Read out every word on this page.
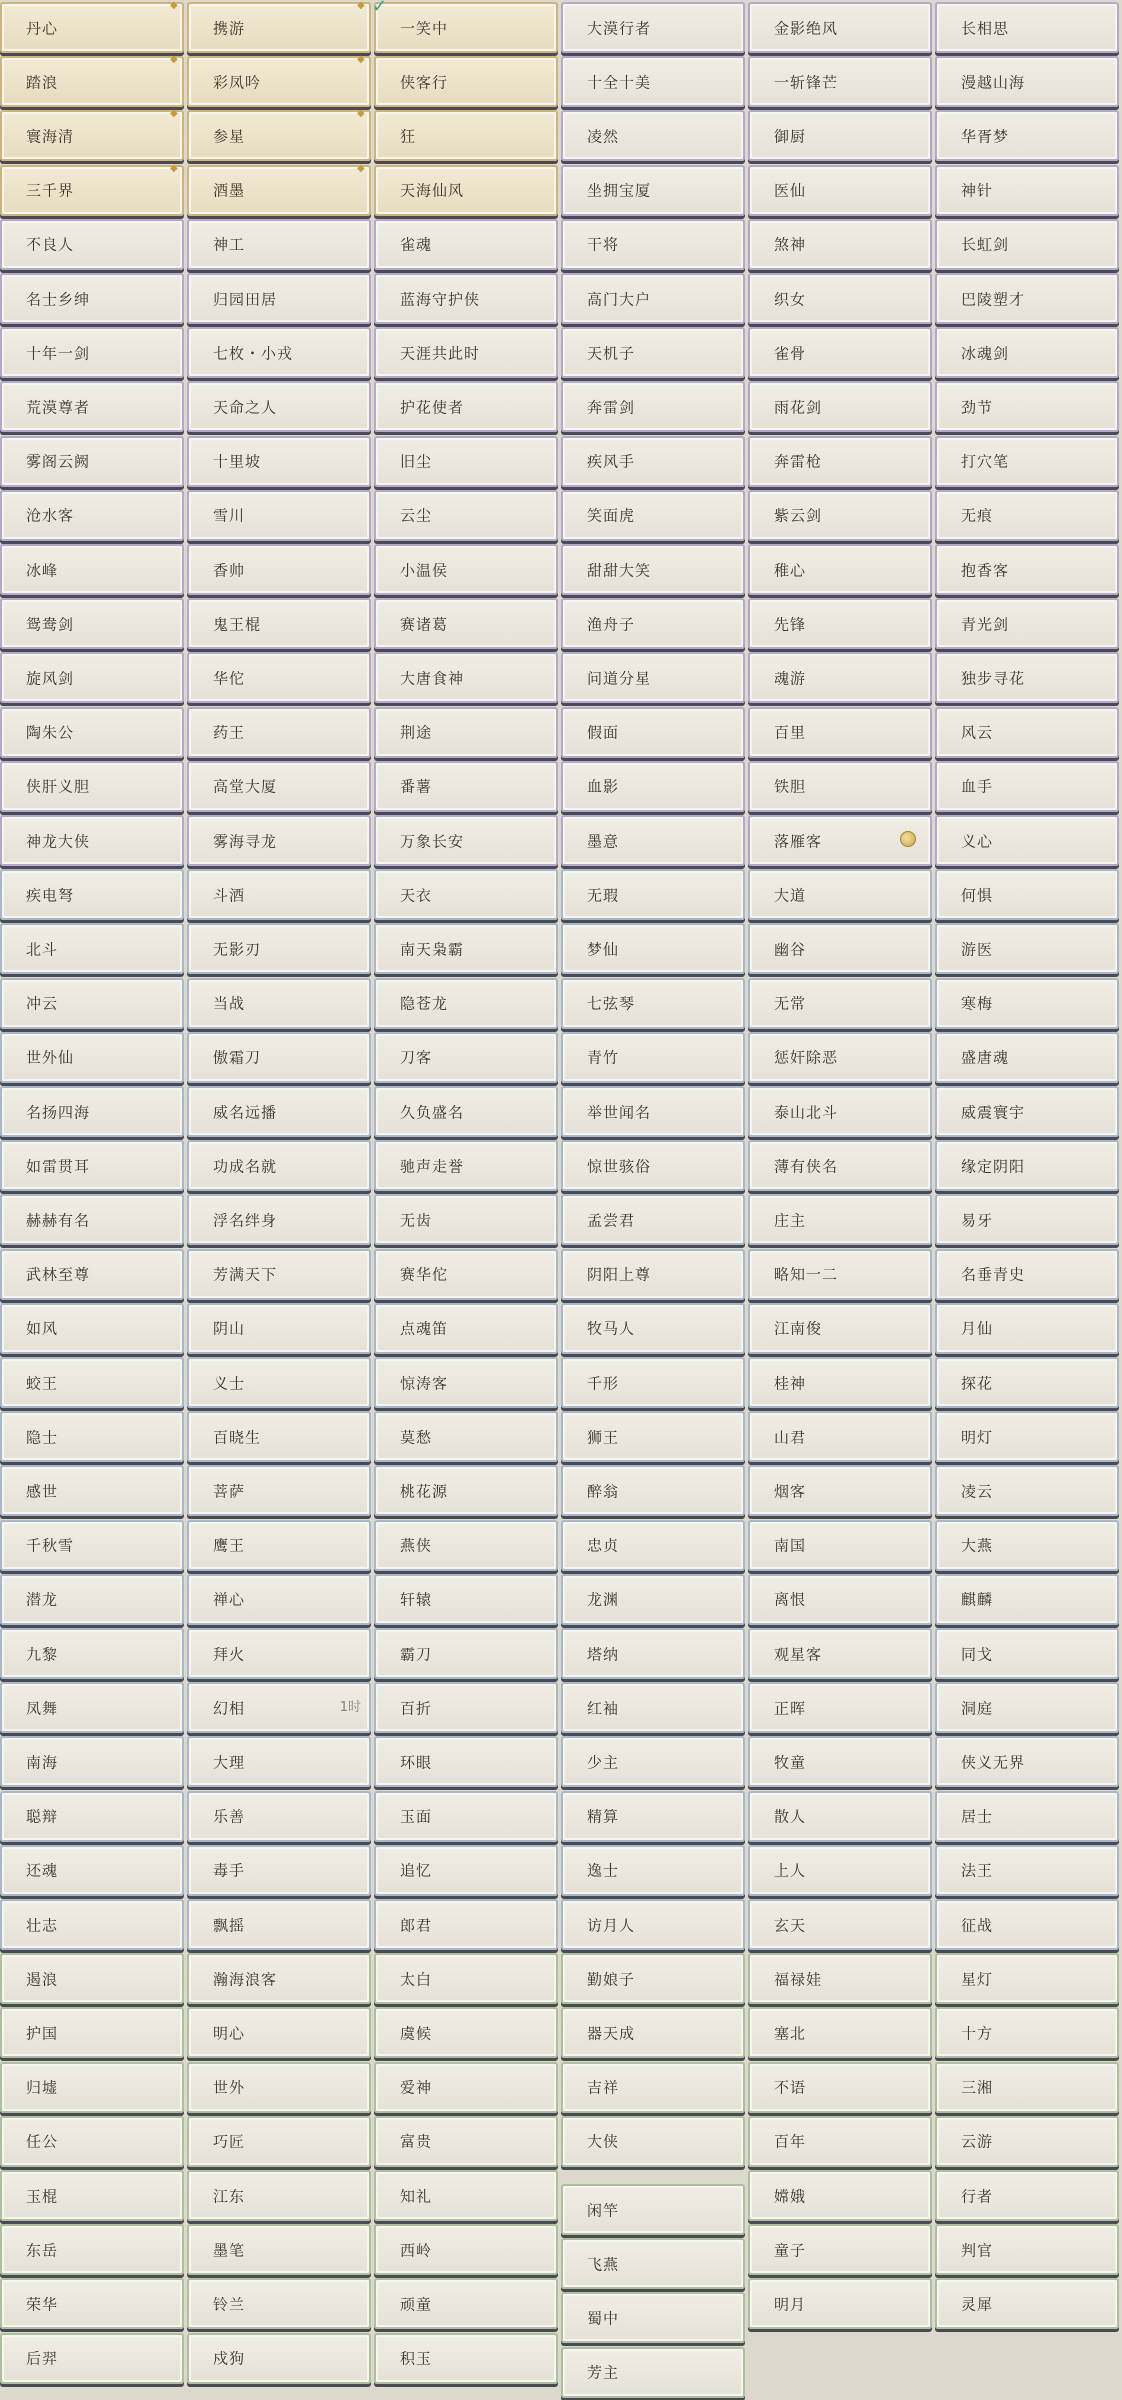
丹心
◆
踏浪
◆
寰海清
◆
三千界
◆
不良人
名士乡绅
十年一剑
荒漠尊者
雾阁云阙
沧水客
冰峰
鸳鸯剑
旋风剑
陶朱公
侠肝义胆
神龙大侠
疾电弩
北斗
冲云
世外仙
名扬四海
如雷贯耳
赫赫有名
武林至尊
如风
蛟王
隐士
感世
千秋雪
潜龙
九黎
凤舞
南海
聪辩
还魂
壮志
遏浪
护国
归墟
任公
玉棍
东岳
荣华
后羿
携游
◆
彩凤吟
◆
参星
◆
酒墨
◆
神工
归园田居
七枚・小戎
天命之人
十里坡
雪川
香帅
鬼王棍
华佗
药王
高堂大厦
雾海寻龙
斗酒
无影刃
当战
傲霜刀
威名远播
功成名就
浮名绊身
芳满天下
阴山
义士
百晓生
菩萨
鹰王
禅心
拜火
幻相	1时
大理
乐善
毒手
飘摇
瀚海浪客
明心
世外
巧匠
江东
墨笔
铃兰
戍狗
一笑中
✓
侠客行
狂
天海仙风
雀魂
蓝海守护侠
天涯共此时
护花使者
旧尘
云尘
小温侯
赛诸葛
大唐食神
荆途
番薯
万象长安
天衣
南天枭霸
隐苍龙
刀客
久负盛名
驰声走誉
无齿
赛华佗
点魂笛
惊涛客
莫愁
桃花源
燕侠
轩辕
霸刀
百折
环眼
玉面
追忆
郎君
太白
虞候
爱神
富贵
知礼
西岭
顽童
积玉
大漠行者
十全十美
凌然
坐拥宝厦
干将
高门大户
天机子
奔雷剑
疾风手
笑面虎
甜甜大笑
渔舟子
问道分星
假面
血影
墨意
无瑕
梦仙
七弦琴
青竹
举世闻名
惊世骇俗
孟尝君
阴阳上尊
牧马人
千形
狮王
醉翁
忠贞
龙渊
塔纳
红袖
少主
精算
逸士
访月人
勤娘子
器天成
吉祥
大侠
闲竿
飞燕
蜀中
芳主
金影绝风
一斩锋芒
御厨
医仙
煞神
织女
雀骨
雨花剑
奔雷枪
紫云剑
稚心
先锋
魂游
百里
铁胆
落雁客
大道
幽谷
无常
惩奸除恶
泰山北斗
薄有侠名
庄主
略知一二
江南俊
桂神
山君
烟客
南国
离恨
观星客
正晖
牧童
散人
上人
玄天
福禄娃
塞北
不语
百年
嫦娥
童子
明月
长相思
漫越山海
华胥梦
神针
长虹剑
巴陵塑才
冰魂剑
劲节
打穴笔
无痕
抱香客
青光剑
独步寻花
风云
血手
义心
何惧
游医
寒梅
盛唐魂
威震寰宇
缘定阴阳
易牙
名垂青史
月仙
探花
明灯
凌云
大燕
麒麟
同戈
洞庭
侠义无界
居士
法王
征战
星灯
十方
三湘
云游
行者
判官
灵犀
